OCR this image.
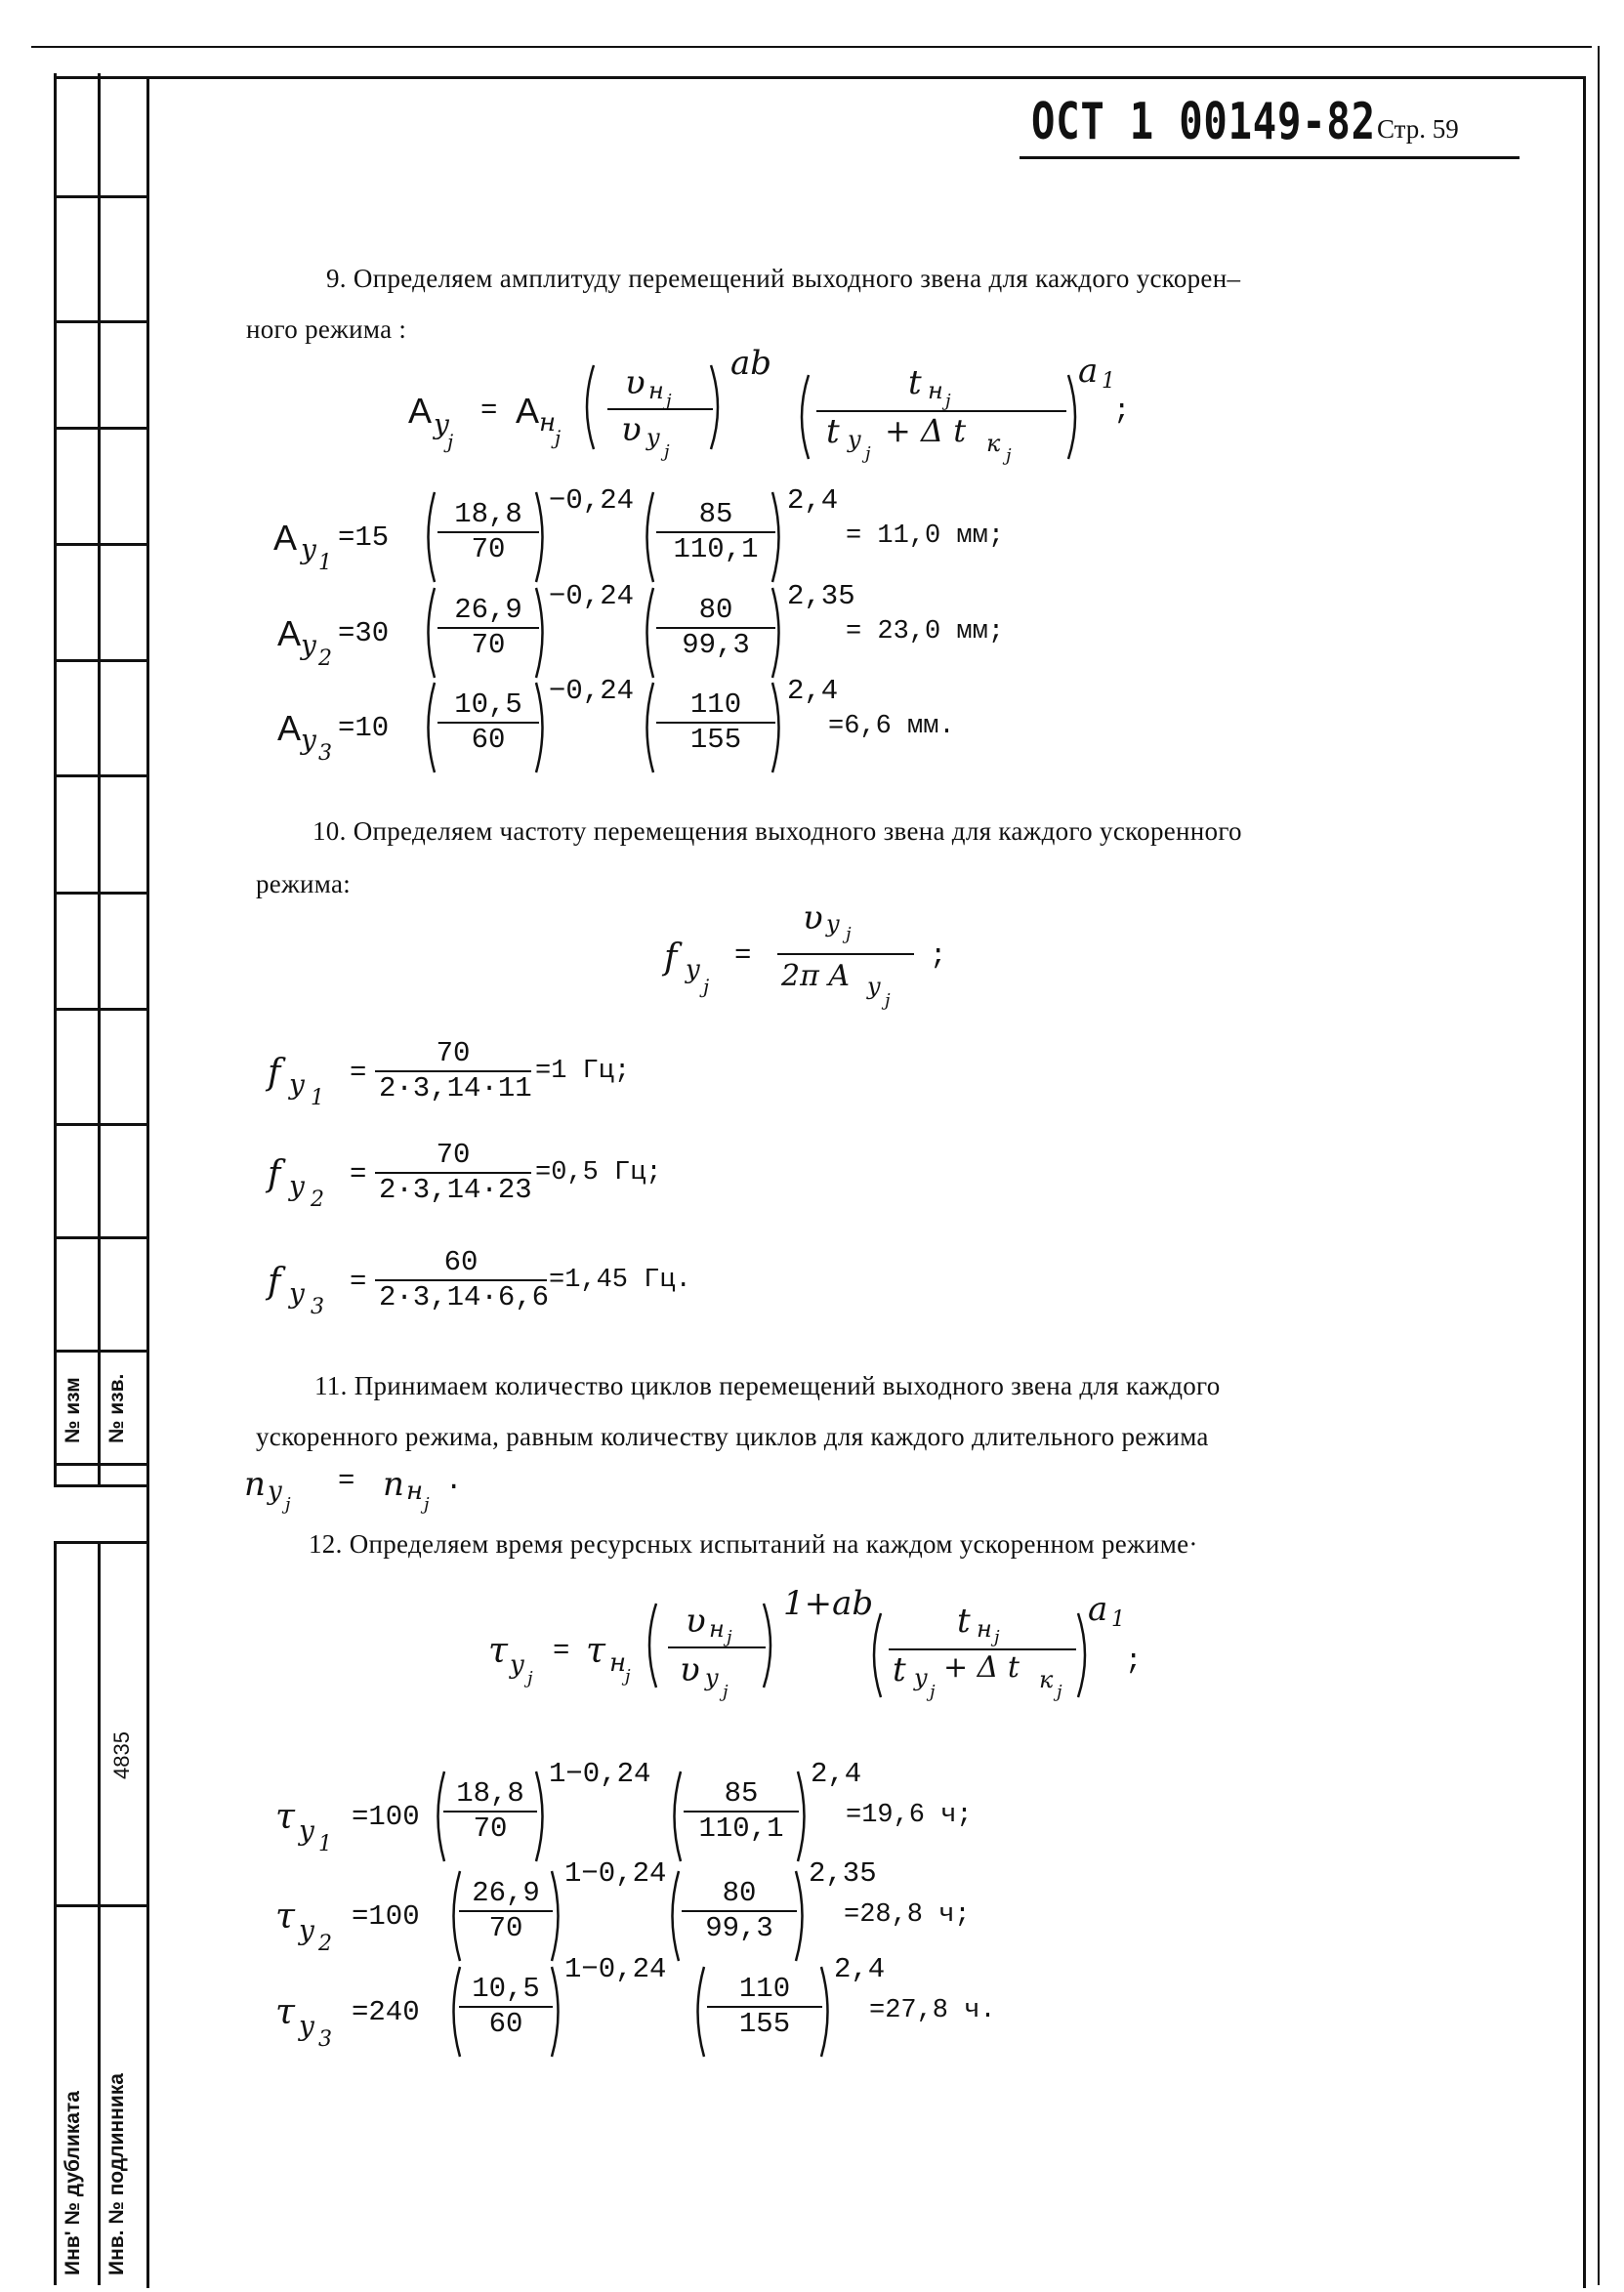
№ изм № изв.
Инв' № дубликата Инв. № подлинника
4835
ОСТ 1 00149-82 Стр. 59
9. Определяем амплитуду перемещений выходного звена для каждого ускорен–
ного режима :
A y
j
= A н
j
υ н j
υ y
j
ab	t н j
t y
j
+ Δ t к j
a 1
;
A y 1
$=15 \frac{18,8}{70} -0,24 \frac{85}{110,1} 2,4$
= 11,0 мм;
A y 2
$=30 \frac{26,9}{70} -0,24 \frac{80}{99,3} 2,35$
= 23,0 мм;
A y 3
$=10 \frac{10,5}{60} -0,24 \frac{110}{155} 2,4$
=6,6 мм.
10. Определяем частоту перемещения выходного звена для каждого ускоренного
режима:
f y
j
=
υ y j
2π A y
j
;
f y 1
= $\frac{70}{2\cdot 3,14\cdot 11} =1$ Гц;
f y 2
= $\frac{70}{2\cdot 3,14\cdot 23} =0,5$ Гц;
f y 3
= $\frac{60}{2\cdot 3,14\cdot 6,6} =1,45$ Гц.
11. Принимаем количество циклов перемещений выходного звена для каждого
ускоренного режима, равным количеству циклов для каждого длительного режима
n y j
= n н j
.
12. Определяем время ресурсных испытаний на каждом ускоренном режиме·
τ y j
= τ н
j
υ н j
υ y
j
1+ab	t н j
t y
j
+ Δ t к j
a 1
;
τ y 1
$=100 \frac{18,8}{70}$
1−0,24
$\frac{85}{110,1}$
2,4
=19,6 ч;
τ y 2
$=100 \frac{26,9}{70}$
1−0,24
$\frac{80}{99,3}$
2,35
=28,8 ч;
τ y 3
$=240 \frac{10,5}{60}$
1−0,24
$\frac{110}{155}$
2,4
=27,8 ч.
